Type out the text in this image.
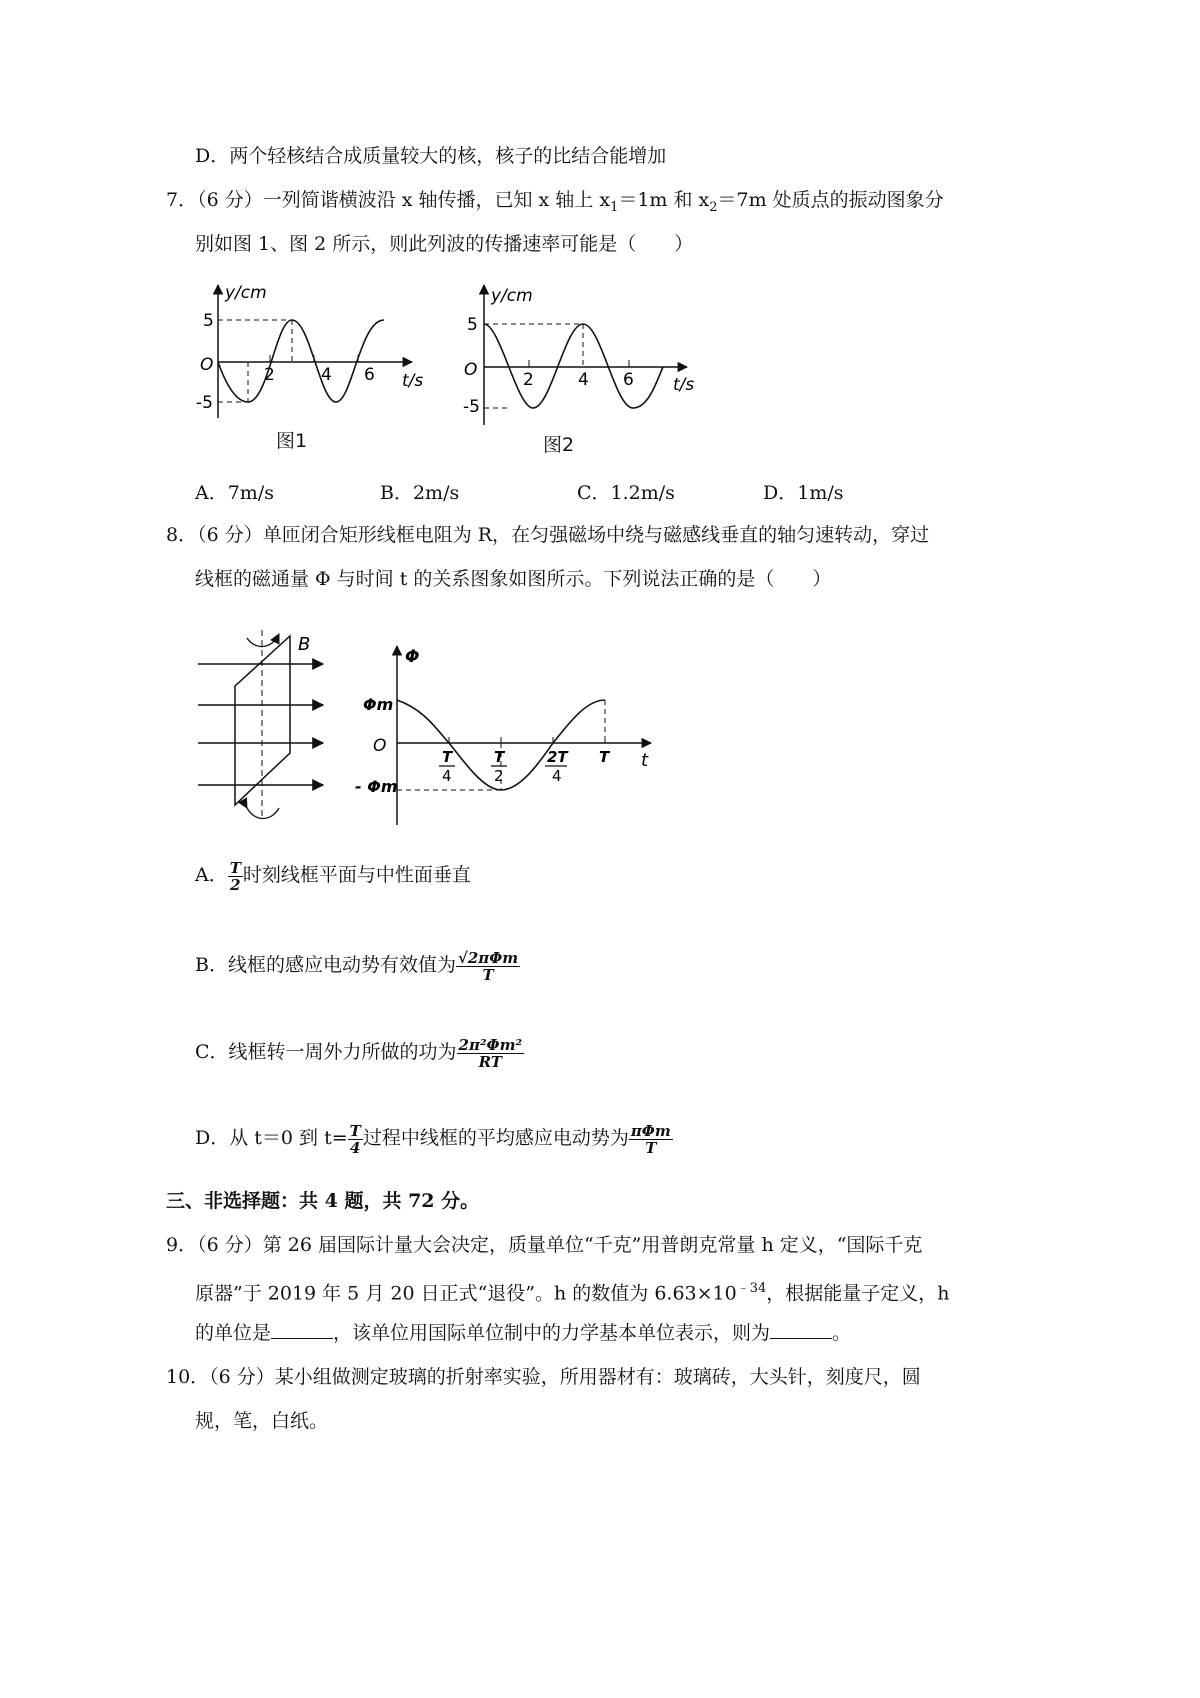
D．两个轻核结合成质量较大的核，核子的比结合能增加
7．（6 分）一列简谐横波沿 x 轴传播，已知 x 轴上 $x_1=1m$ 和 $x_2=7m$ 处质点的振动图象分
别如图 1、图 2 所示，则此列波的传播速率可能是（　　）
y/cm
t/s
O
5
-5
2	4 6
图1
y/cm
t/s
O
5
-5
2	4 6
图2
A．7m/s	B．2m/s	C．1.2m/s	D．1m/s
8．（6 分）单匝闭合矩形线框电阻为 R，在匀强磁场中绕与磁感线垂直的轴匀速转动，穿过
线框的磁通量 Φ 与时间 t 的关系图象如图所示。下列说法正确的是（　　）
B
Φ
t
O
Φm
- Φm
T
4
T
2
2T
4
T
A． $\frac{T}{2}$ 时刻线框平面与中性面垂直
B．线框的感应电动势有效值为 $\frac{\text{√2πΦm}}{T}$
C．线框转一周外力所做的功为 $\frac{\text{2π²Φm²}}{RT}$
D．从 t＝0 到 $t= \frac{T}{4}$ 过程中线框的平均感应电动势为 $\frac{\text{πΦm}}{T}$
三、非选择题：共 4 题，共 72 分。
9．（6 分）第 26 届国际计量大会决定，质量单位“千克”用普朗克常量 h 定义，“国际千克
原器”于 2019 年 5 月 20 日正式“退役”。h 的数值为 $6.63\times 10^{﹣34}$，根据能量子定义，h
的单位是	，该单位用国际单位制中的力学基本单位表示，则为	。
10．（6 分）某小组做测定玻璃的折射率实验，所用器材有：玻璃砖，大头针，刻度尺，圆
规，笔，白纸。
